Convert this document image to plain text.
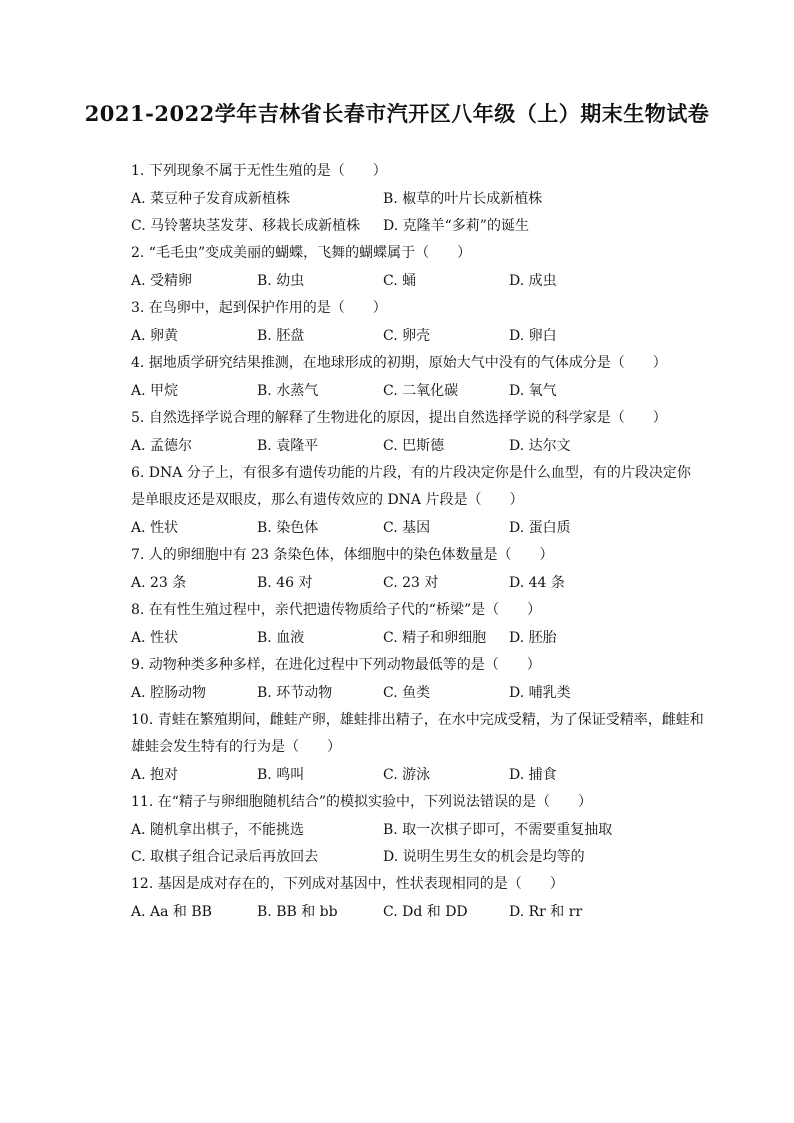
2021-2022学年吉林省长春市汽开区八年级（上）期末生物试卷
1. 下列现象不属于无性生殖的是（　　）
A. 菜豆种子发育成新植株	B. 椒草的叶片长成新植株
C. 马铃薯块茎发芽、移栽长成新植株 D. 克隆羊“多莉”的诞生
2. “毛毛虫”变成美丽的蝴蝶，飞舞的蝴蝶属于（　　）
A. 受精卵	B. 幼虫	C. 蛹	D. 成虫
3. 在鸟卵中，起到保护作用的是（　　）
A. 卵黄	B. 胚盘	C. 卵壳	D. 卵白
4. 据地质学研究结果推测，在地球形成的初期，原始大气中没有的气体成分是（　　）
A. 甲烷	B. 水蒸气	C. 二氧化碳	D. 氧气
5. 自然选择学说合理的解释了生物进化的原因，提出自然选择学说的科学家是（　　）
A. 孟德尔	B. 袁隆平	C. 巴斯德	D. 达尔文
6. DNA 分子上，有很多有遗传功能的片段，有的片段决定你是什么血型，有的片段决定你
是单眼皮还是双眼皮，那么有遗传效应的 DNA 片段是（　　）
A. 性状	B. 染色体	C. 基因	D. 蛋白质
7. 人的卵细胞中有 23 条染色体，体细胞中的染色体数量是（　　）
A. 23 条	B. 46 对	C. 23 对	D. 44 条
8. 在有性生殖过程中，亲代把遗传物质给子代的“桥梁”是（　　）
A. 性状	B. 血液	C. 精子和卵细胞 D. 胚胎
9. 动物种类多种多样，在进化过程中下列动物最低等的是（　　）
A. 腔肠动物	B. 环节动物	C. 鱼类	D. 哺乳类
10. 青蛙在繁殖期间，雌蛙产卵，雄蛙排出精子，在水中完成受精，为了保证受精率，雌蛙和
雄蛙会发生特有的行为是（　　）
A. 抱对	B. 鸣叫	C. 游泳	D. 捕食
11. 在“精子与卵细胞随机结合”的模拟实验中，下列说法错误的是（　　）
A. 随机拿出棋子，不能挑选	B. 取一次棋子即可，不需要重复抽取
C. 取棋子组合记录后再放回去	D. 说明生男生女的机会是均等的
12. 基因是成对存在的，下列成对基因中，性状表现相同的是（　　）
A. Aa 和 BB	B. BB 和 bb	C. Dd 和 DD	D. Rr 和 rr
